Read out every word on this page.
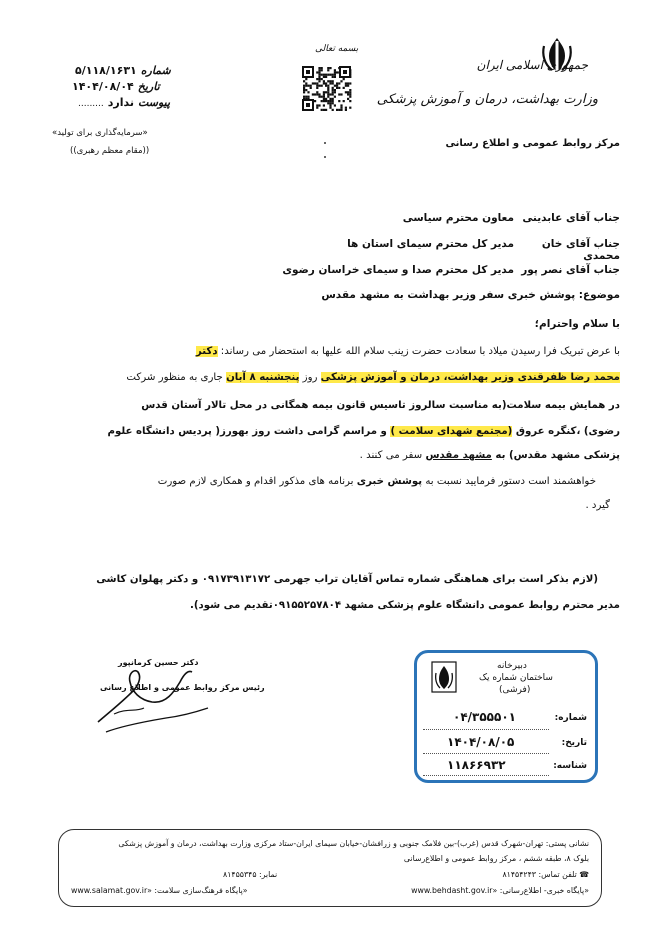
جمهوری اسلامی ایران
وزارت بهداشت، درمان و آموزش پزشکی
مرکز روابط عمومی و اطلاع رسانی
بسمه تعالی
شماره
۵/۱۱۸/۱۶۳۱
تاریخ
۱۴۰۴/۰۸/۰۴
پیوست
ندارد
.........
«سرمایه‌گذاری برای تولید»
((مقام معظم رهبری))
جناب آقای عابدینی
معاون محترم سیاسی
جناب آقای خان محمدی
مدیر کل محترم سیمای استان ها
جناب آقای نصر پور
مدیر کل محترم صدا و سیمای خراسان رضوی
موضوع: پوشش خبری سفر وزیر بهداشت به مشهد مقدس
با سلام واحترام؛
با عرض تبریک فرا رسیدن میلاد با سعادت حضرت زینب سلام الله علیها به استحضار می رساند: دکتر
محمد رضا ظفرقندی وزیر بهداشت، درمان و آموزش پزشکی روز پنجشنبه ۸ آبان جاری به منظور شرکت
در همایش بیمه سلامت(به مناسبت سالروز تاسیس قانون بیمه همگانی در محل تالار آستان قدس
رضوی) ،کنگره عروق (مجتمع شهدای سلامت ) و مراسم گرامی داشت روز بهورز( پردیس دانشگاه علوم
پزشکی مشهد مقدس) به مشهد مقدس سفر می کنند .
خواهشمند است دستور فرمایید نسبت به پوشش خبری برنامه های مذکور اقدام و همکاری لازم صورت
گیرد .
(لازم بذکر است برای هماهنگی شماره تماس آقایان تراب جهرمی ۰۹۱۷۳۹۱۳۱۷۲ و دکتر پهلوان کاشی
مدیر محترم روابط عمومی دانشگاه علوم پزشکی مشهد ۰۹۱۵۵۲۵۷۸۰۴تقدیم می شود).
دکتر حسین کرمانپور
رئیس مرکز روابط عمومی و اطلاع رسانی
دبیرخانه
ساختمان شماره یک
(فرشی)
شماره:
۰۴/۳۵۵۵۰۱
تاریخ:
۱۴۰۴/۰۸/۰۵
شناسه:
۱۱۸۶۶۹۳۲
نشانی پستی: تهران-شهرک قدس (غرب)-بین فلامک جنوبی و زرافشان-خیابان سیمای ایران-ستاد مرکزی وزارت بهداشت، درمان و آموزش پزشکی
بلوک ۸، طبقه ششم ، مرکز روابط عمومی و اطلاع‌رسانی
☎ تلفن تماس: ۸۱۴۵۴۲۴۳
نمابر: ۸۱۴۵۵۳۴۵
«پایگاه خبری- اطلاع‌رسانی: www.behdasht.gov.ir»
«پایگاه فرهنگ‌سازی سلامت: www.salamat.gov.ir»
